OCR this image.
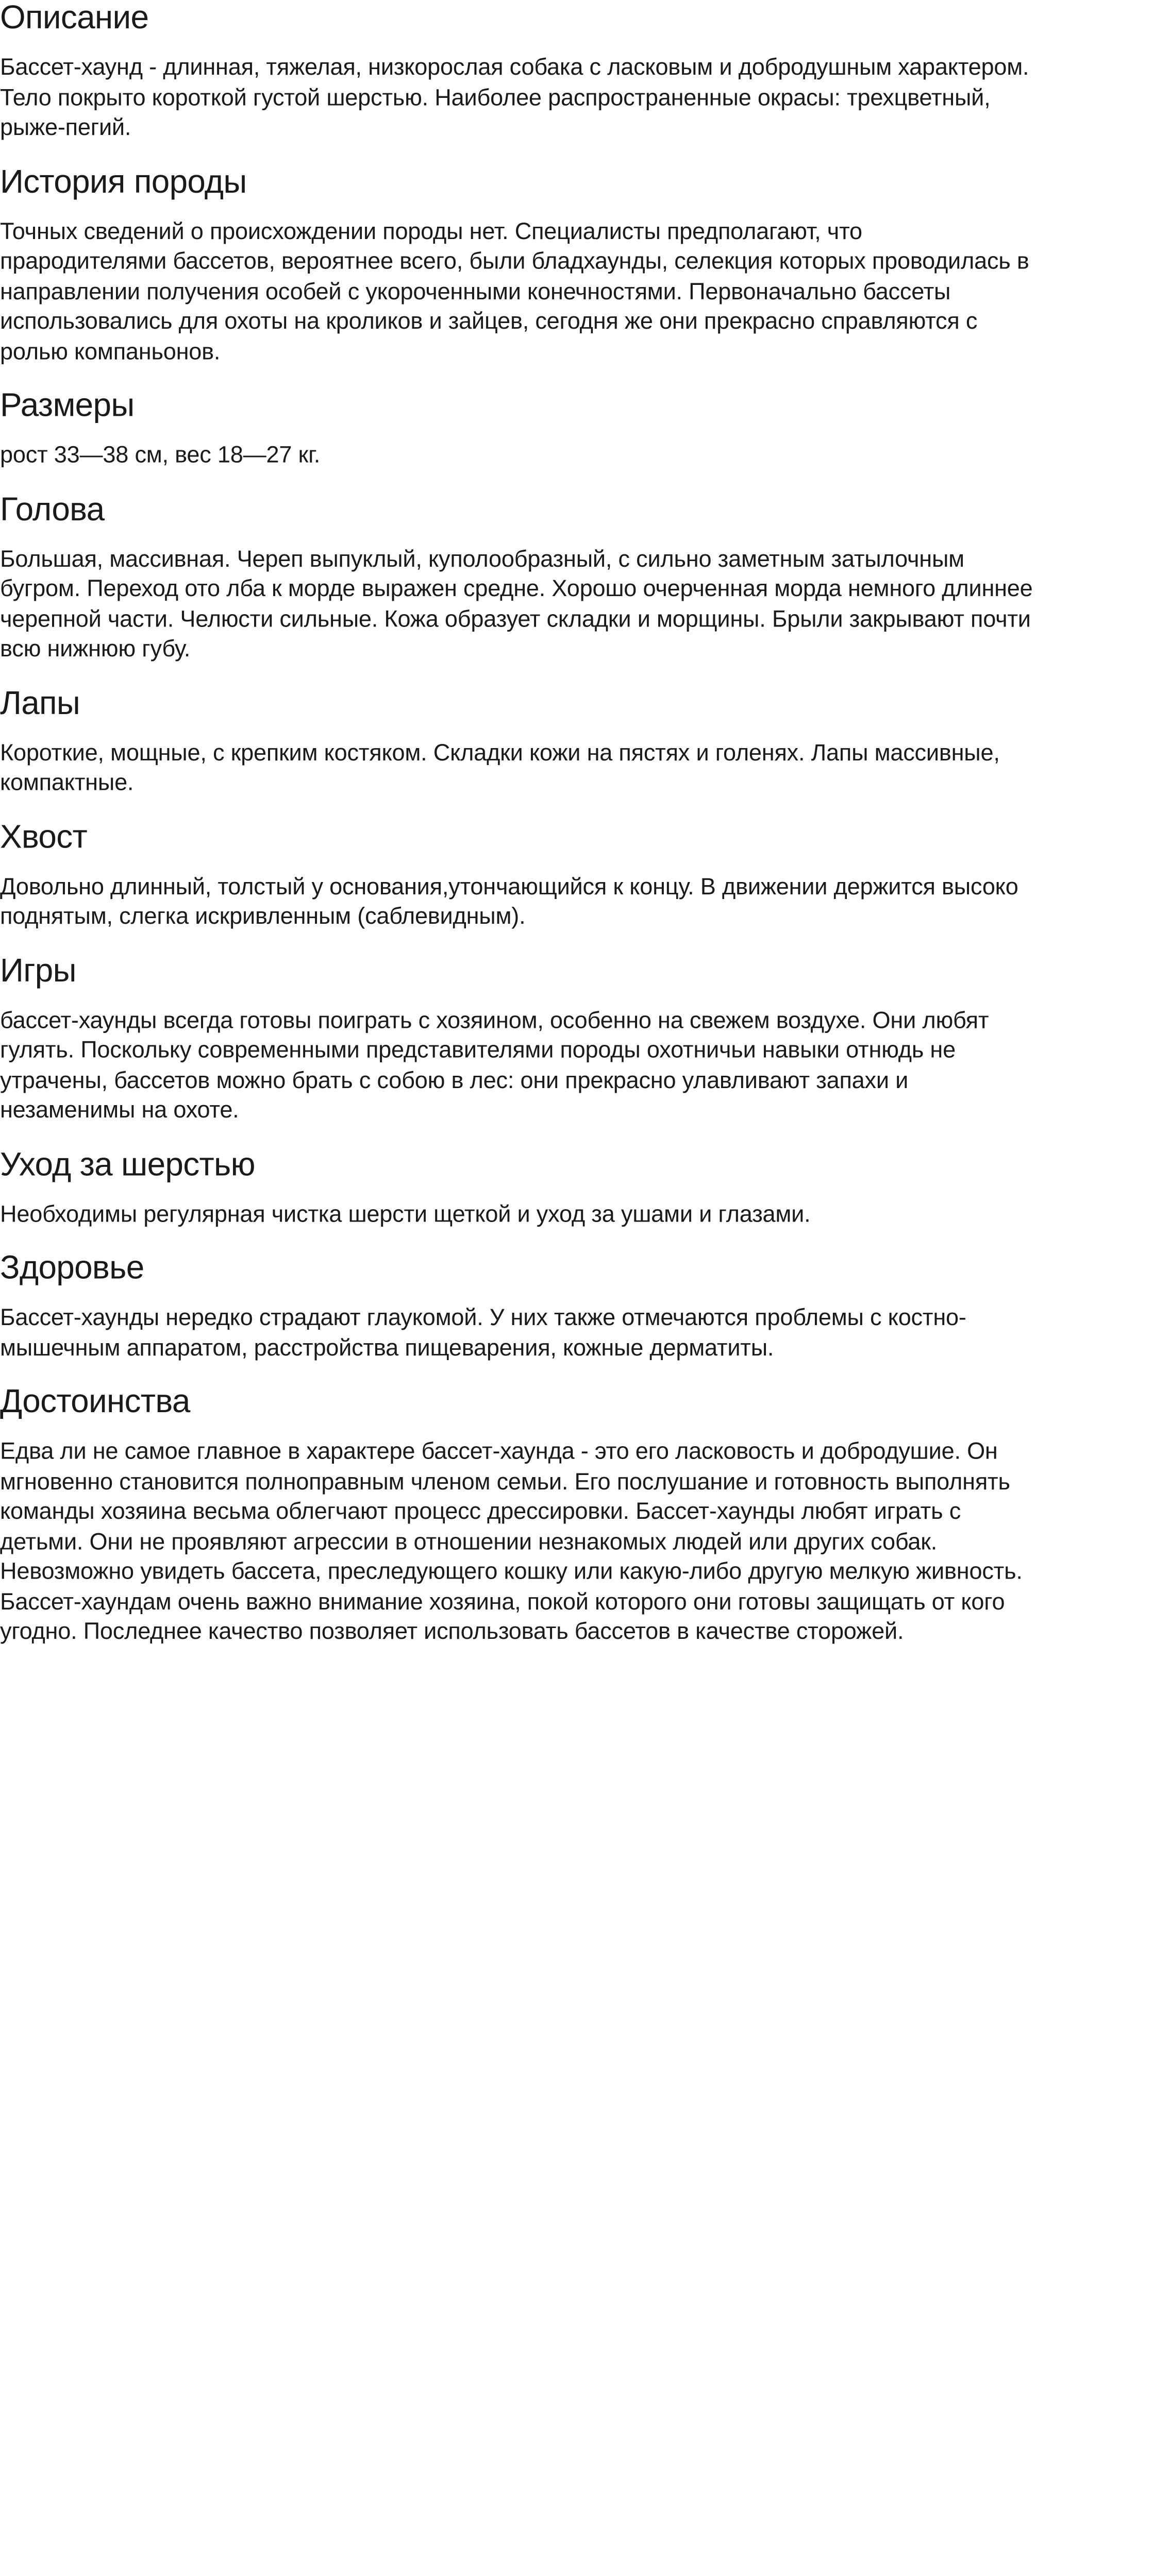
Описание

Бассет-хаунд - длинная, тяжелая, низкорослая собака с ласковым и добродушным характером.
Тело покрыто короткой густой шерстью. Наиболее распространенные окрасы: трехцветный,
рыже-пегий.

История породы

Точных сведений о происхождении породы нет. Специалисты предполагают, что
прародителями бассетов, вероятнее всего, были бладхаунды, селекция которых проводилась в
направлении получения особей с укороченными конечностями. Первоначально бассеты
использовались для охоты на кроликов и зайцев, сегодня же они прекрасно справляются с
ролью компаньонов.

Размеры

рост 33—38 см, вес 18—27 кг.

Голова

Большая, массивная. Череп выпуклый, куполообразный, с сильно заметным затылочным
бугром. Переход ото лба к морде выражен средне. Хорошо очерченная морда немного длиннее
черепной части. Челюсти сильные. Кожа образует складки и морщины. Брыли закрывают почти
всю нижнюю губу.

Лапы

Короткие, мощные, с крепким костяком. Складки кожи на пястях и голенях. Лапы массивные,
компактные.

Хвост

Довольно длинный, толстый у основания,утончающийся к концу. В движении держится высоко
поднятым, слегка искривленным (саблевидным).

Игры

бассет-хаунды всегда готовы поиграть с хозяином, особенно на свежем воздухе. Они любят
гулять. Поскольку современными представителями породы охотничьи навыки отнюдь не
утрачены, бассетов можно брать с собою в лес: они прекрасно улавливают запахи и
незаменимы на охоте.

Уход за шерстью

Необходимы регулярная чистка шерсти щеткой и уход за ушами и глазами.

Здоровье

Бассет-хаунды нередко страдают глаукомой. У них также отмечаются проблемы с костно-
мышечным аппаратом, расстройства пищеварения, кожные дерматиты.

Достоинства

Едва ли не самое главное в характере бассет-хаунда - это его ласковость и добродушие. Он
мгновенно становится полноправным членом семьи. Его послушание и готовность выполнять
команды хозяина весьма облегчают процесс дрессировки. Бассет-хаунды любят играть с
детьми. Они не проявляют агрессии в отношении незнакомых людей или других собак.
Невозможно увидеть бассета, преследующего кошку или какую-либо другую мелкую живность.
Бассет-хаундам очень важно внимание хозяина, покой которого они готовы защищать от кого
угодно. Последнее качество позволяет использовать бассетов в качестве сторожей.
